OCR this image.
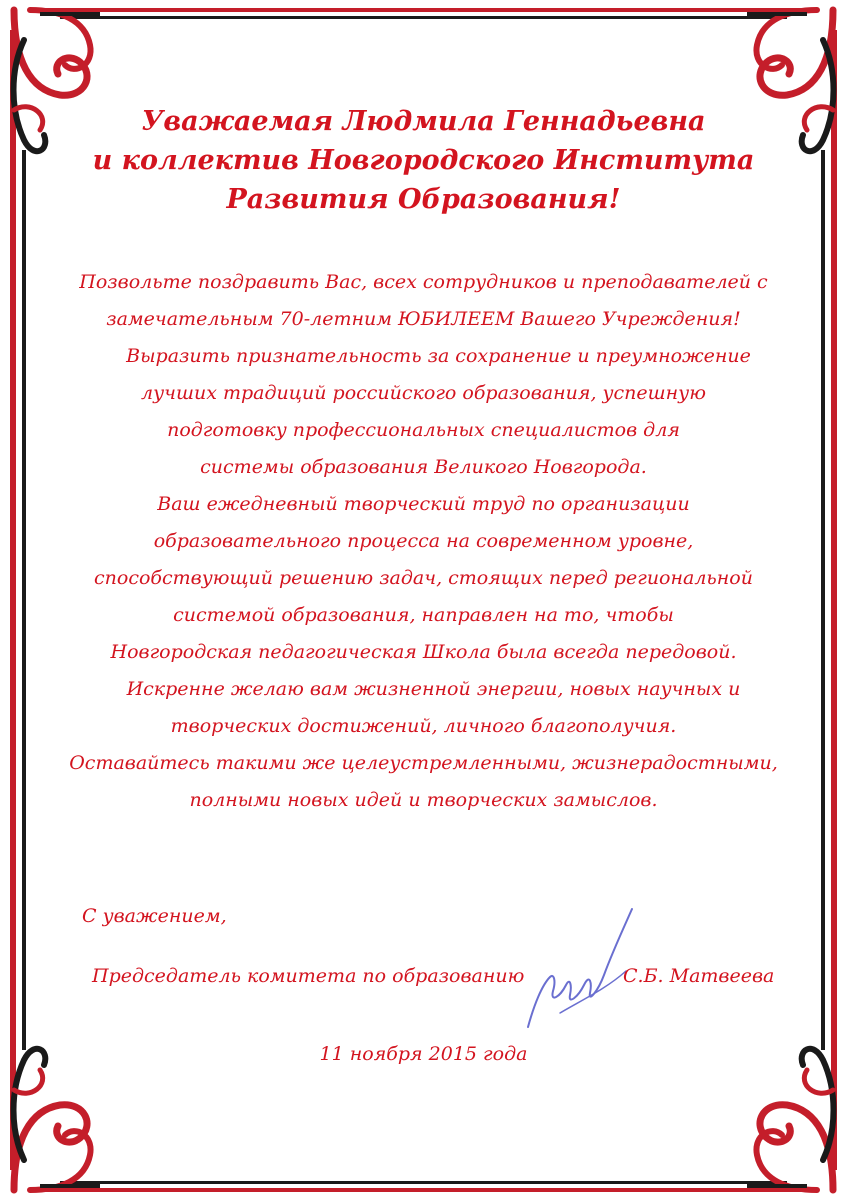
Уважаемая Людмила Геннадьевна
и коллектив Новгородского Института
Развития Образования!
Позвольте поздравить Вас, всех сотрудников и преподавателей с
замечательным 70-летним ЮБИЛЕЕМ Вашего Учреждения!
Выразить признательность за сохранение и преумножение
лучших традиций российского образования, успешную
подготовку профессиональных специалистов для
системы образования Великого Новгорода.
Ваш ежедневный творческий труд по организации
образовательного процесса на современном уровне,
способствующий решению задач, стоящих перед региональной
системой образования, направлен на то, чтобы
Новгородская педагогическая Школа была всегда передовой.
Искренне желаю вам жизненной энергии, новых научных и
творческих достижений, личного благополучия.
Оставайтесь такими же целеустремленными, жизнерадостными,
полными новых идей и творческих замыслов.
С уважением,
Председатель комитета по образованию	С.Б. Матвеева
11 ноября 2015 года
